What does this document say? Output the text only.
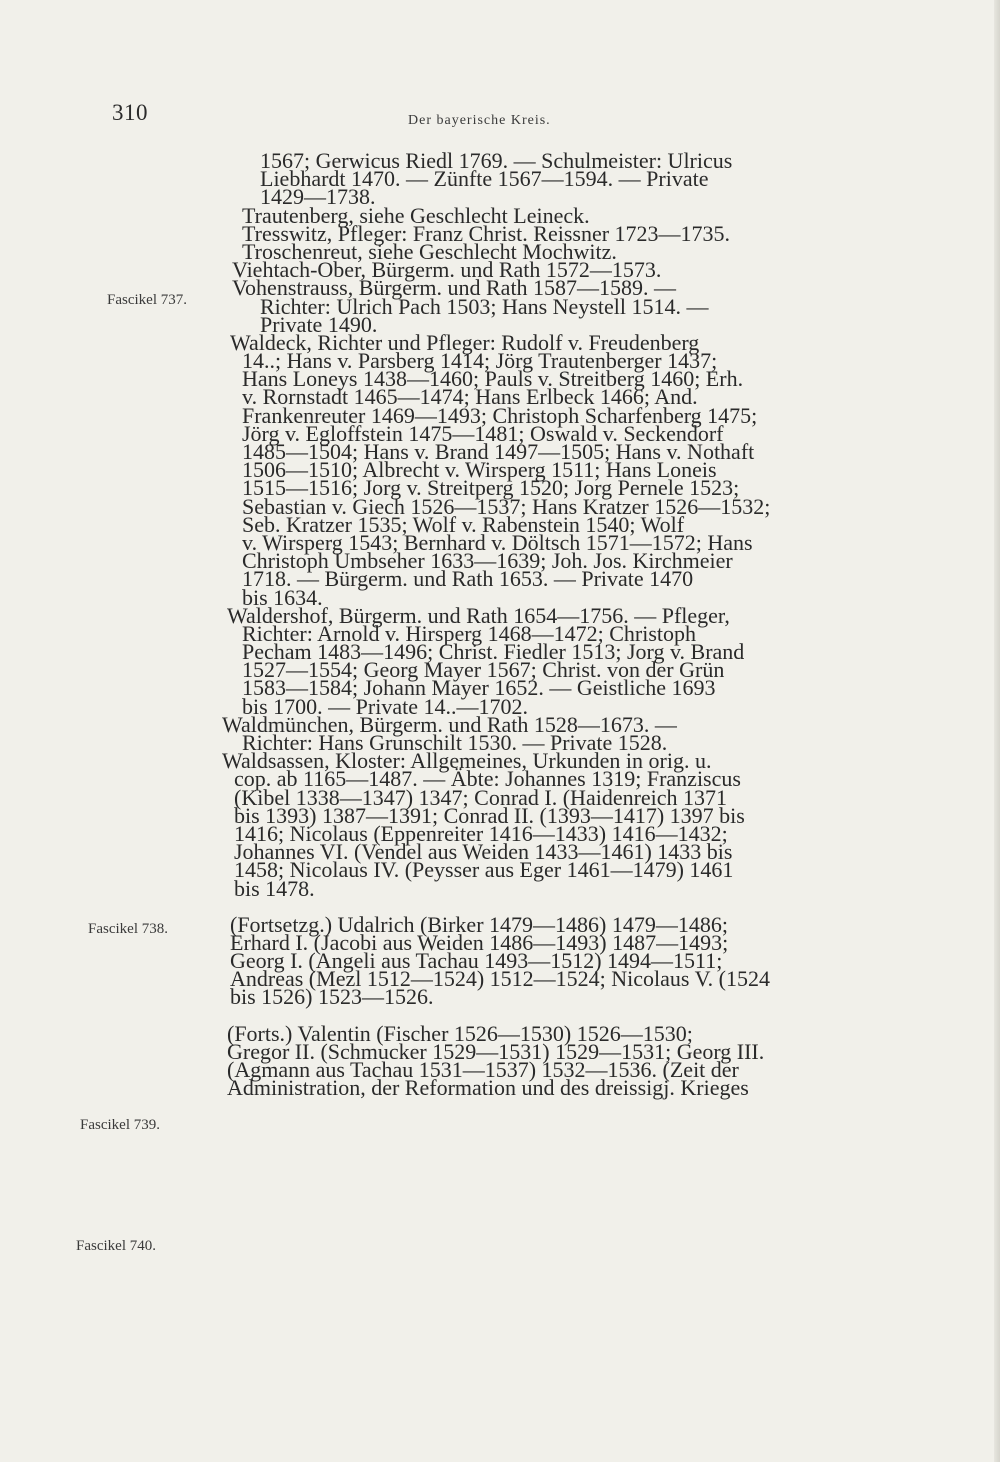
310	Der bayerische Kreis.
Fascikel 737.
Fascikel 738.
Fascikel 739.
Fascikel 740.
1567; Gerwicus Riedl 1769. — Schulmeister: Ulricus
Liebhardt 1470. — Zünfte 1567—1594. — Private
1429—1738.
Trautenberg, siehe Geschlecht Leineck.
Tresswitz, Pfleger: Franz Christ. Reissner 1723—1735.
Troschenreut, siehe Geschlecht Mochwitz.
Viehtach-Ober, Bürgerm. und Rath 1572—1573.
Vohenstrauss, Bürgerm. und Rath 1587—1589. —
Richter: Ulrich Pach 1503; Hans Neystell 1514. —
Private 1490.
Waldeck, Richter und Pfleger: Rudolf v. Freudenberg
14..; Hans v. Parsberg 1414; Jörg Trautenberger 1437;
Hans Loneys 1438—1460; Pauls v. Streitberg 1460; Erh.
v. Rornstadt 1465—1474; Hans Erlbeck 1466; And.
Frankenreuter 1469—1493; Christoph Scharfenberg 1475;
Jörg v. Egloffstein 1475—1481; Oswald v. Seckendorf
1485—1504; Hans v. Brand 1497—1505; Hans v. Nothaft
1506—1510; Albrecht v. Wirsperg 1511; Hans Loneis
1515—1516; Jorg v. Streitperg 1520; Jorg Pernele 1523;
Sebastian v. Giech 1526—1537; Hans Kratzer 1526—1532;
Seb. Kratzer 1535; Wolf v. Rabenstein 1540; Wolf
v. Wirsperg 1543; Bernhard v. Döltsch 1571—1572; Hans
Christoph Umbseher 1633—1639; Joh. Jos. Kirchmeier
1718. — Bürgerm. und Rath 1653. — Private 1470
bis 1634.
Waldershof, Bürgerm. und Rath 1654—1756. — Pfleger,
Richter: Arnold v. Hirsperg 1468—1472; Christoph
Pecham 1483—1496; Christ. Fiedler 1513; Jorg v. Brand
1527—1554; Georg Mayer 1567; Christ. von der Grün
1583—1584; Johann Mayer 1652. — Geistliche 1693
bis 1700. — Private 14..—1702.
Waldmünchen, Bürgerm. und Rath 1528—1673. —
Richter: Hans Grunschilt 1530. — Private 1528.
Waldsassen, Kloster: Allgemeines, Urkunden in orig. u.
cop. ab 1165—1487. — Äbte: Johannes 1319; Franziscus
(Kibel 1338—1347) 1347; Conrad I. (Haidenreich 1371
bis 1393) 1387—1391; Conrad II. (1393—1417) 1397 bis
1416; Nicolaus (Eppenreiter 1416—1433) 1416—1432;
Johannes VI. (Vendel aus Weiden 1433—1461) 1433 bis
1458; Nicolaus IV. (Peysser aus Eger 1461—1479) 1461
bis 1478.
(Fortsetzg.) Udalrich (Birker 1479—1486) 1479—1486;
Erhard I. (Jacobi aus Weiden 1486—1493) 1487—1493;
Georg I. (Angeli aus Tachau 1493—1512) 1494—1511;
Andreas (Mezl 1512—1524) 1512—1524; Nicolaus V. (1524
bis 1526) 1523—1526.
(Forts.) Valentin (Fischer 1526—1530) 1526—1530;
Gregor II. (Schmucker 1529—1531) 1529—1531; Georg III.
(Agmann aus Tachau 1531—1537) 1532—1536. (Zeit der
Administration, der Reformation und des dreissigj. Krieges
